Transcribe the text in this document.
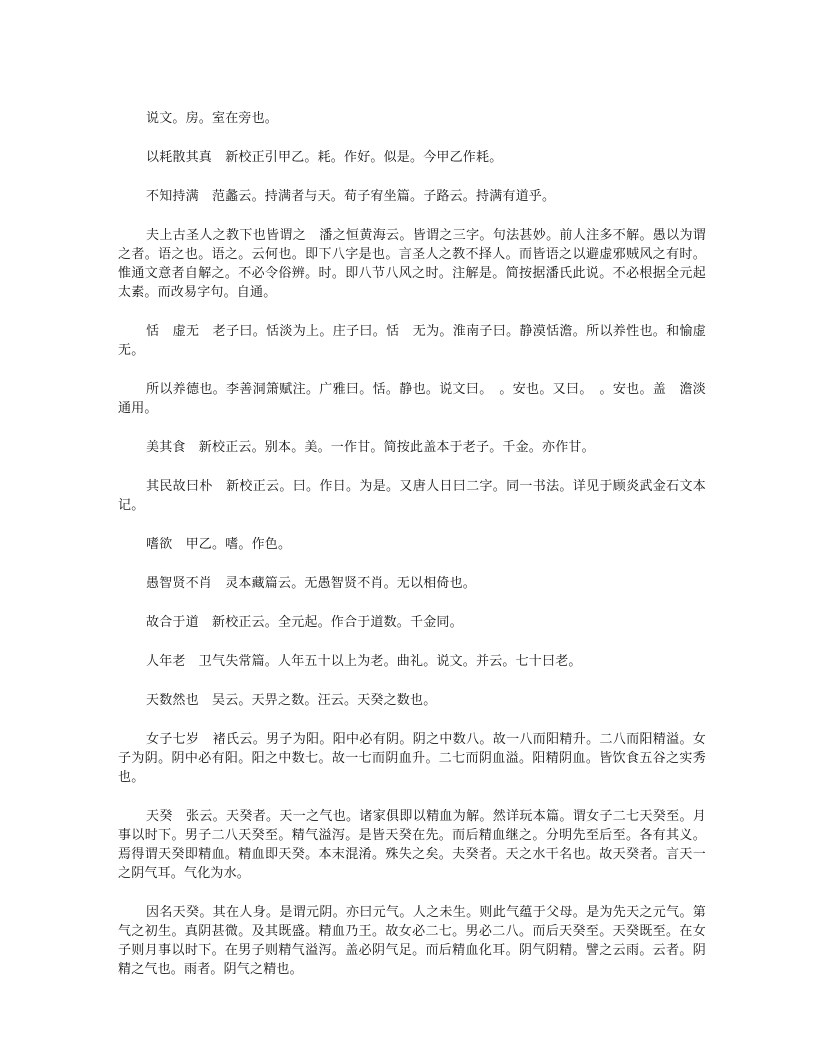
说文。房。室在旁也。

以耗散其真　新校正引甲乙。耗。作好。似是。今甲乙作耗。

不知持满　范蠡云。持满者与天。荀子宥坐篇。子路云。持满有道乎。

夫上古圣人之教下也皆谓之　潘之恒黄海云。皆谓之三字。句法甚妙。前人注多不解。愚以为谓之者。语之也。语之。云何也。即下八字是也。言圣人之教不择人。而皆语之以避虚邪贼风之有时。惟通文意者自解之。不必令俗辨。时。即八节八风之时。注解是。简按据潘氏此说。不必根据全元起太素。而改易字句。自通。

恬　虚无　老子曰。恬淡为上。庄子曰。恬　无为。淮南子曰。静漠恬澹。所以养性也。和愉虚无。

所以养德也。李善洞箫赋注。广雅曰。恬。静也。说文曰。　。安也。又曰。　。安也。盖　澹淡　通用。

美其食　新校正云。别本。美。一作甘。简按此盖本于老子。千金。亦作甘。

其民故曰朴　新校正云。曰。作日。为是。又唐人日曰二字。同一书法。详见于顾炎武金石文本记。

嗜欲　甲乙。嗜。作色。

愚智贤不肖　灵本藏篇云。无愚智贤不肖。无以相倚也。

故合于道　新校正云。全元起。作合于道数。千金同。

人年老　卫气失常篇。人年五十以上为老。曲礼。说文。并云。七十曰老。

天数然也　吴云。天畀之数。汪云。天癸之数也。

女子七岁　褚氏云。男子为阳。阳中必有阴。阴之中数八。故一八而阳精升。二八而阳精溢。女子为阴。阴中必有阳。阳之中数七。故一七而阴血升。二七而阴血溢。阳精阴血。皆饮食五谷之实秀也。

天癸　张云。天癸者。天一之气也。诸家俱即以精血为解。然详玩本篇。谓女子二七天癸至。月事以时下。男子二八天癸至。精气溢泻。是皆天癸在先。而后精血继之。分明先至后至。各有其义。焉得谓天癸即精血。精血即天癸。本末混淆。殊失之矣。夫癸者。天之水干名也。故天癸者。言天一之阴气耳。气化为水。

因名天癸。其在人身。是谓元阴。亦曰元气。人之未生。则此气蕴于父母。是为先天之元气。第气之初生。真阴甚微。及其既盛。精血乃王。故女必二七。男必二八。而后天癸至。天癸既至。在女子则月事以时下。在男子则精气溢泻。盖必阴气足。而后精血化耳。阴气阴精。譬之云雨。云者。阴精之气也。雨者。阴气之精也。
